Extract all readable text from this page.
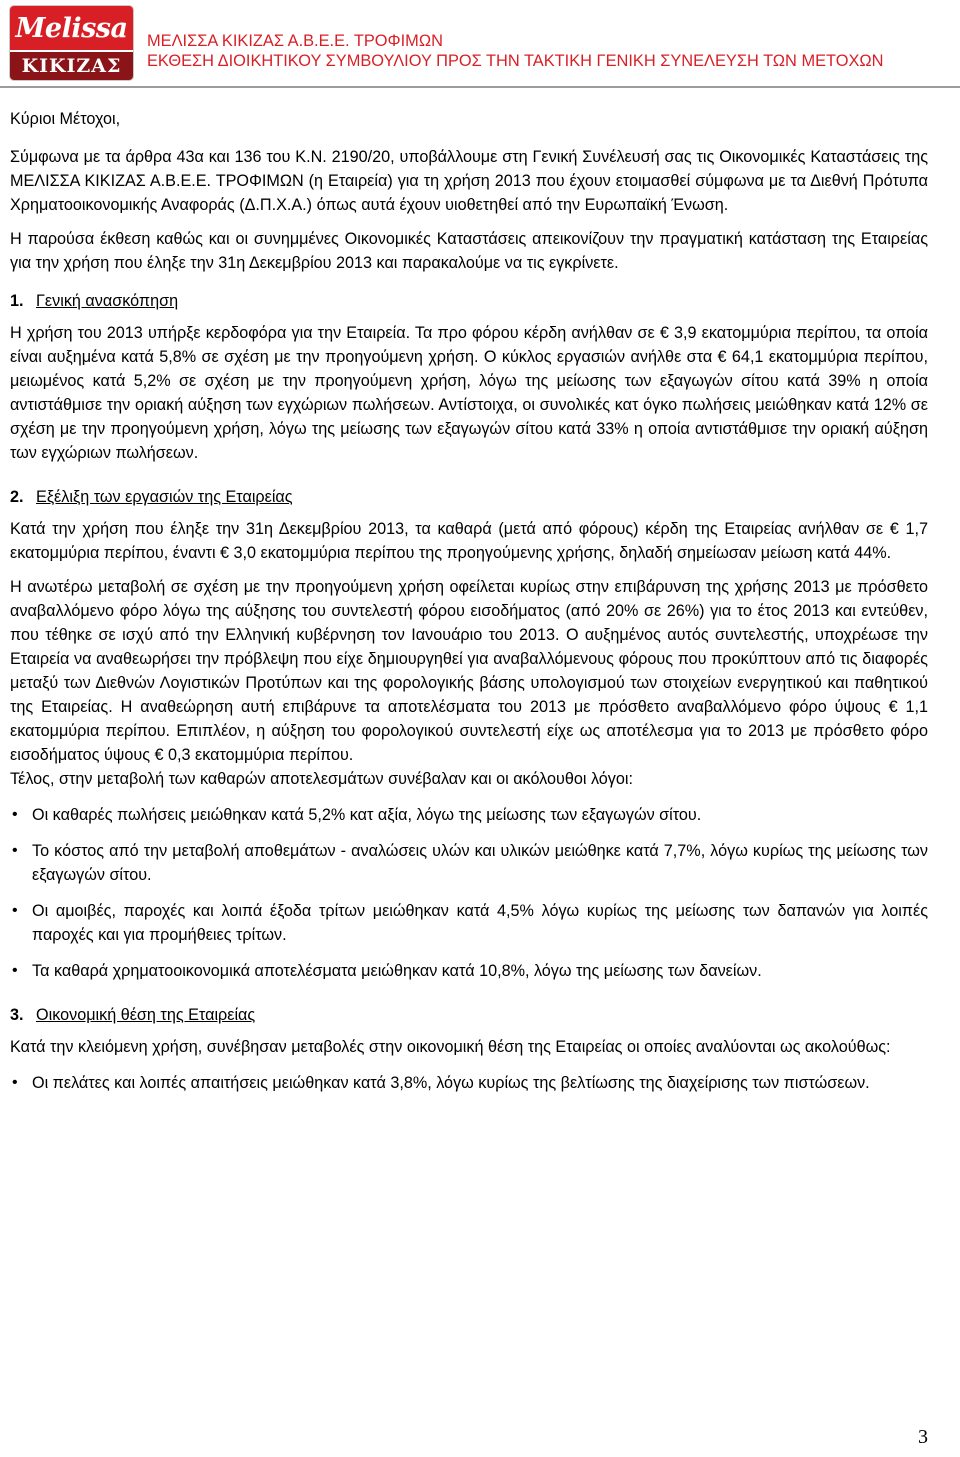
Melissa
ΚΙΚΙΖΑΣ
ΜΕΛΙΣΣΑ ΚΙΚΙΖΑΣ Α.Β.Ε.Ε. ΤΡΟΦΙΜΩΝ
ΕΚΘΕΣΗ ΔΙΟΙΚΗΤΙΚΟΥ ΣΥΜΒΟΥΛΙΟΥ ΠΡΟΣ ΤΗΝ ΤΑΚΤΙΚΗ ΓΕΝΙΚΗ ΣΥΝΕΛΕΥΣΗ ΤΩΝ ΜΕΤΟΧΩΝ

Κύριοι Μέτοχοι,

Σύμφωνα με τα άρθρα 43α και 136 του Κ.Ν. 2190/20, υποβάλλουμε στη Γενική Συνέλευσή σας τις Οικονομικές Καταστάσεις της ΜΕΛΙΣΣΑ ΚΙΚΙΖΑΣ Α.Β.Ε.Ε. ΤΡΟΦΙΜΩΝ (η Εταιρεία) για τη χρήση 2013 που έχουν ετοιμασθεί σύμφωνα με τα Διεθνή Πρότυπα Χρηματοοικονομικής Αναφοράς (Δ.Π.Χ.Α.) όπως αυτά έχουν υιοθετηθεί από την Ευρωπαϊκή Ένωση.

Η παρούσα έκθεση καθώς και οι συνημμένες Οικονομικές Καταστάσεις απεικονίζουν την πραγματική κατάσταση της Εταιρείας για την χρήση που έληξε την 31η Δεκεμβρίου 2013 και παρακαλούμε να τις εγκρίνετε.

1. Γενική ανασκόπηση

Η χρήση του 2013 υπήρξε κερδοφόρα για την Εταιρεία. Τα προ φόρου κέρδη ανήλθαν σε € 3,9 εκατομμύρια περίπου, τα οποία είναι αυξημένα κατά 5,8% σε σχέση με την προηγούμενη χρήση. Ο κύκλος εργασιών ανήλθε στα € 64,1 εκατομμύρια περίπου, μειωμένος κατά 5,2% σε σχέση με την προηγούμενη χρήση, λόγω της μείωσης των εξαγωγών σίτου κατά 39% η οποία αντιστάθμισε την οριακή αύξηση των εγχώριων πωλήσεων. Αντίστοιχα, οι συνολικές κατ όγκο πωλήσεις μειώθηκαν κατά 12% σε σχέση με την προηγούμενη χρήση, λόγω της μείωσης των εξαγωγών σίτου κατά 33% η οποία αντιστάθμισε την οριακή αύξηση των εγχώριων πωλήσεων.

2. Εξέλιξη των εργασιών της Εταιρείας

Κατά την χρήση που έληξε την 31η Δεκεμβρίου 2013, τα καθαρά (μετά από φόρους) κέρδη της Εταιρείας ανήλθαν σε € 1,7 εκατομμύρια περίπου, έναντι € 3,0 εκατομμύρια περίπου της προηγούμενης χρήσης, δηλαδή σημείωσαν μείωση κατά 44%.

Η ανωτέρω μεταβολή σε σχέση με την προηγούμενη χρήση οφείλεται κυρίως στην επιβάρυνση της χρήσης 2013 με πρόσθετο αναβαλλόμενο φόρο λόγω της αύξησης του συντελεστή φόρου εισοδήματος (από 20% σε 26%) για το έτος 2013 και εντεύθεν, που τέθηκε σε ισχύ από την Ελληνική κυβέρνηση τον Ιανουάριο του 2013. Ο αυξημένος αυτός συντελεστής, υποχρέωσε την Εταιρεία να αναθεωρήσει την πρόβλεψη που είχε δημιουργηθεί για αναβαλλόμενους φόρους που προκύπτουν από τις διαφορές μεταξύ των Διεθνών Λογιστικών Προτύπων και της φορολογικής βάσης υπολογισμού των στοιχείων ενεργητικού και παθητικού της Εταιρείας. Η αναθεώρηση αυτή επιβάρυνε τα αποτελέσματα του 2013 με πρόσθετο αναβαλλόμενο φόρο ύψους € 1,1 εκατομμύρια περίπου. Επιπλέον, η αύξηση του φορολογικού συντελεστή είχε ως αποτέλεσμα για το 2013 με πρόσθετο φόρο εισοδήματος ύψους € 0,3 εκατομμύρια περίπου.

Τέλος, στην μεταβολή των καθαρών αποτελεσμάτων συνέβαλαν και οι ακόλουθοι λόγοι:

• Οι καθαρές πωλήσεις μειώθηκαν κατά 5,2% κατ αξία, λόγω της μείωσης των εξαγωγών σίτου.
• Το κόστος από την μεταβολή αποθεμάτων - αναλώσεις υλών και υλικών μειώθηκε κατά 7,7%, λόγω κυρίως της μείωσης των εξαγωγών σίτου.
• Οι αμοιβές, παροχές και λοιπά έξοδα τρίτων μειώθηκαν κατά 4,5% λόγω κυρίως της μείωσης των δαπανών για λοιπές παροχές και για προμήθειες τρίτων.
• Τα καθαρά χρηματοοικονομικά αποτελέσματα μειώθηκαν κατά 10,8%, λόγω της μείωσης των δανείων.
3. Οικονομική θέση της Εταιρείας

Κατά την κλειόμενη χρήση, συνέβησαν μεταβολές στην οικονομική θέση της Εταιρείας οι οποίες αναλύονται ως ακολούθως:

• Οι πελάτες και λοιπές απαιτήσεις μειώθηκαν κατά 3,8%, λόγω κυρίως της βελτίωσης της διαχείρισης των πιστώσεων.
3
